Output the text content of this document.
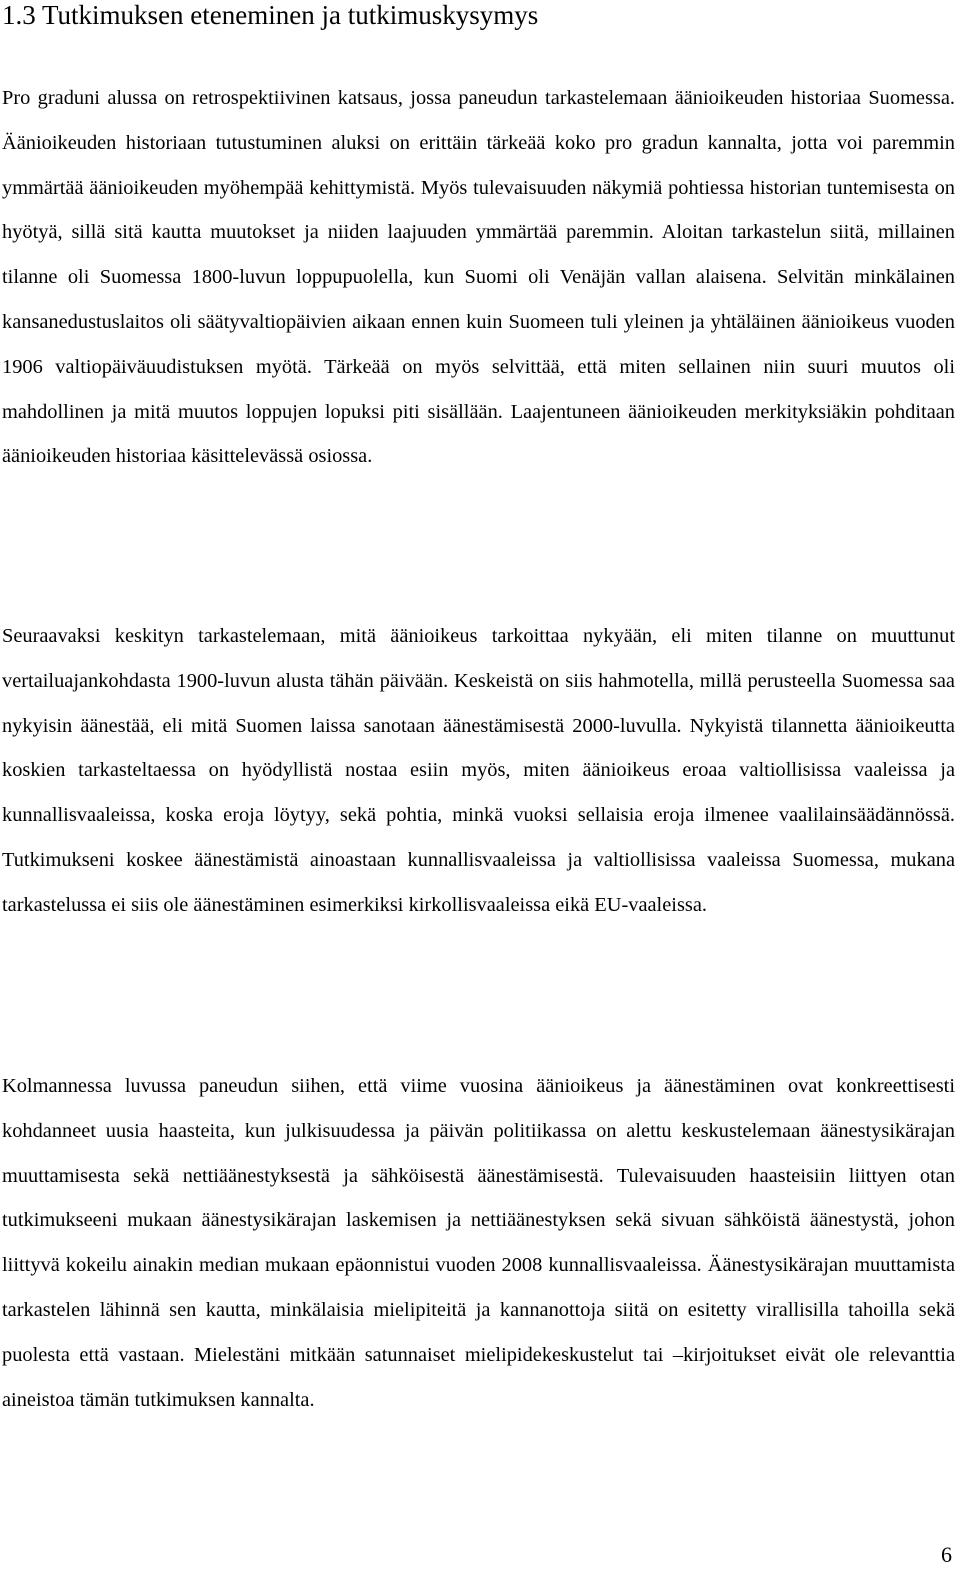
1.3 Tutkimuksen eteneminen ja tutkimuskysymys

Pro graduni alussa on retrospektiivinen katsaus, jossa paneudun tarkastelemaan äänioikeuden historiaa Suomessa. Äänioikeuden historiaan tutustuminen aluksi on erittäin tärkeää koko pro gradun kannalta, jotta voi paremmin ymmärtää äänioikeuden myöhempää kehittymistä. Myös tulevaisuuden näkymiä pohtiessa historian tuntemisesta on hyötyä, sillä sitä kautta muutokset ja niiden laajuuden ymmärtää paremmin. Aloitan tarkastelun siitä, millainen tilanne oli Suomessa 1800-luvun loppupuolella, kun Suomi oli Venäjän vallan alaisena. Selvitän minkälainen kansanedustuslaitos oli säätyvaltiopäivien aikaan ennen kuin Suomeen tuli yleinen ja yhtäläinen äänioikeus vuoden 1906 valtiopäiväuudistuksen myötä. Tärkeää on myös selvittää, että miten sellainen niin suuri muutos oli mahdollinen ja mitä muutos loppujen lopuksi piti sisällään. Laajentuneen äänioikeuden merkityksiäkin pohditaan äänioikeuden historiaa käsittelevässä osiossa.

Seuraavaksi keskityn tarkastelemaan, mitä äänioikeus tarkoittaa nykyään, eli miten tilanne on muuttunut vertailuajankohdasta 1900-luvun alusta tähän päivään. Keskeistä on siis hahmotella, millä perusteella Suomessa saa nykyisin äänestää, eli mitä Suomen laissa sanotaan äänestämisestä 2000-luvulla. Nykyistä tilannetta äänioikeutta koskien tarkasteltaessa on hyödyllistä nostaa esiin myös, miten äänioikeus eroaa valtiollisissa vaaleissa ja kunnallisvaaleissa, koska eroja löytyy, sekä pohtia, minkä vuoksi sellaisia eroja ilmenee vaalilainsäädännössä. Tutkimukseni koskee äänestämistä ainoastaan kunnallisvaaleissa ja valtiollisissa vaaleissa Suomessa, mukana tarkastelussa ei siis ole äänestäminen esimerkiksi kirkollisvaaleissa eikä EU-vaaleissa.

Kolmannessa luvussa paneudun siihen, että viime vuosina äänioikeus ja äänestäminen ovat konkreettisesti kohdanneet uusia haasteita, kun julkisuudessa ja päivän politiikassa on alettu keskustelemaan äänestysikärajan muuttamisesta sekä nettiäänestyksestä ja sähköisestä äänestämisestä. Tulevaisuuden haasteisiin liittyen otan tutkimukseeni mukaan äänestysikärajan laskemisen ja nettiäänestyksen sekä sivuan sähköistä äänestystä, johon liittyvä kokeilu ainakin median mukaan epäonnistui vuoden 2008 kunnallisvaaleissa. Äänestysikärajan muuttamista tarkastelen lähinnä sen kautta, minkälaisia mielipiteitä ja kannanottoja siitä on esitetty virallisilla tahoilla sekä puolesta että vastaan. Mielestäni mitkään satunnaiset mielipidekeskustelut tai –kirjoitukset eivät ole relevanttia aineistoa tämän tutkimuksen kannalta.

6
